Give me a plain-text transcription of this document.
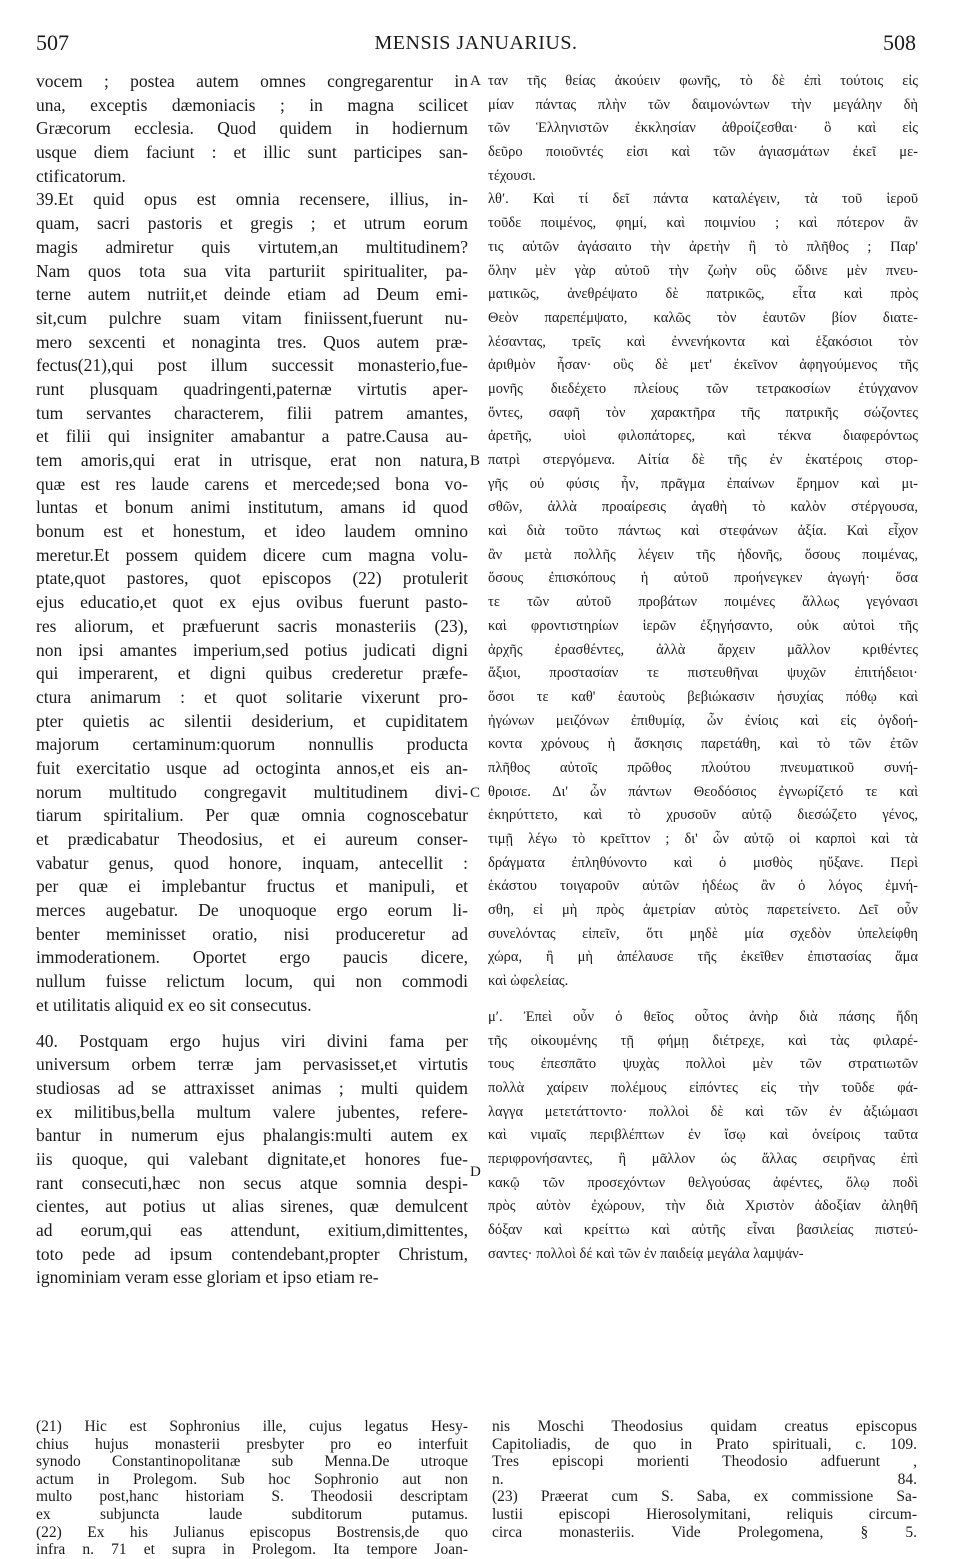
507	MENSIS JANUARIUS.	508
vocem ; postea autem omnes congregarentur in
una, exceptis dæmoniacis ; in magna scilicet
Græcorum ecclesia. Quod quidem in hodiernum
usque diem faciunt : et illic sunt participes san-
ctificatorum.
39.Et quid opus est omnia recensere, illius, in-
quam, sacri pastoris et gregis ; et utrum eorum
magis admiretur quis virtutem,an multitudinem?
Nam quos tota sua vita parturiit spiritualiter, pa-
terne autem nutriit,et deinde etiam ad Deum emi-
sit,cum pulchre suam vitam finiissent,fuerunt nu-
mero sexcenti et nonaginta tres. Quos autem præ-
fectus(21),qui post illum successit monasterio,fue-
runt plusquam quadringenti,paternæ virtutis aper-
tum servantes characterem, filii patrem amantes,
et filii qui insigniter amabantur a patre.Causa au-
tem amoris,qui erat in utrisque, erat non natura,
quæ est res laude carens et mercede;sed bona vo-
luntas et bonum animi institutum, amans id quod
bonum est et honestum, et ideo laudem omnino
meretur.Et possem quidem dicere cum magna volu-
ptate,quot pastores, quot episcopos (22) protulerit
ejus educatio,et quot ex ejus ovibus fuerunt pasto-
res aliorum, et præfuerunt sacris monasteriis (23),
non ipsi amantes imperium,sed potius judicati digni
qui imperarent, et digni quibus crederetur præfe-
ctura animarum : et quot solitarie vixerunt pro-
pter quietis ac silentii desiderium, et cupiditatem
majorum certaminum:quorum nonnullis producta
fuit exercitatio usque ad octoginta annos,et eis an-
norum multitudo congregavit multitudinem divi-
tiarum spiritalium. Per quæ omnia cognoscebatur
et prædicabatur Theodosius, et ei aureum conser-
vabatur genus, quod honore, inquam, antecellit :
per quæ ei implebantur fructus et manipuli, et
merces augebatur. De unoquoque ergo eorum li-
benter meminisset oratio, nisi produceretur ad
immoderationem. Oportet ergo paucis dicere,
nullum fuisse relictum locum, qui non commodi
et utilitatis aliquid ex eo sit consecutus.
40. Postquam ergo hujus viri divini fama per
universum orbem terræ jam pervasisset,et virtutis
studiosas ad se attraxisset animas ; multi quidem
ex militibus,bella multum valere jubentes, refere-
bantur in numerum ejus phalangis:multi autem ex
iis quoque, qui valebant dignitate,et honores fue-
rant consecuti,hæc non secus atque somnia despi-
cientes, aut potius ut alias sirenes, quæ demulcent
ad eorum,qui eas attendunt, exitium,dimittentes,
toto pede ad ipsum contendebant,propter Christum,
ignominiam veram esse gloriam et ipso etiam re-
ταν τῆς θείας ἀκούειν φωνῆς, τὸ δὲ ἐπὶ τούτοις εἰς
μίαν πάντας πλὴν τῶν δαιμονώντων τὴν μεγάλην δὴ
τῶν Ἑλληνιστῶν ἐκκλησίαν ἀθροίζεσθαι· ὃ καὶ εἰς
δεῦρο ποιοῦντές εἰσι καὶ τῶν ἁγιασμάτων ἐκεῖ με-
τέχουσι.
λθʹ. Καὶ τί δεῖ πάντα καταλέγειν, τὰ τοῦ ἱεροῦ
τοῦδε ποιμένος, φημί, καὶ ποιμνίου ; καὶ πότερον ἂν
τις αὐτῶν ἀγάσαιτο τὴν ἀρετὴν ἢ τὸ πλῆθος ; Παρ'
ὅλην μὲν γὰρ αὐτοῦ τὴν ζωὴν οὓς ὤδινε μὲν πνευ-
ματικῶς, ἀνεθρέψατο δὲ πατρικῶς, εἶτα καὶ πρὸς
Θεὸν παρεπέμψατο, καλῶς τὸν ἑαυτῶν βίον διατε-
λέσαντας, τρεῖς καὶ ἐννενήκοντα καὶ ἑξακόσιοι τὸν
ἀριθμὸν ἦσαν· οὓς δὲ μετ' ἐκεῖνον ἀφηγούμενος τῆς
μονῆς διεδέχετο πλείους τῶν τετρακοσίων ἐτύγχανον
ὄντες, σαφῆ τὸν χαρακτῆρα τῆς πατρικῆς σώζοντες
ἀρετῆς, υἱοὶ φιλοπάτορες, καὶ τέκνα διαφερόντως
πατρὶ στεργόμενα. Αἰτία δὲ τῆς ἐν ἑκατέροις στορ-
γῆς οὐ φύσις ἦν, πρᾶγμα ἐπαίνων ἔρημον καὶ μι-
σθῶν, ἀλλὰ προαίρεσις ἀγαθὴ τὸ καλὸν στέργουσα,
καὶ διὰ τοῦτο πάντως καὶ στεφάνων ἀξία. Καὶ εἶχον
ἂν μετὰ πολλῆς λέγειν τῆς ἡδονῆς, ὅσους ποιμένας,
ὅσους ἐπισκόπους ἡ αὐτοῦ προήνεγκεν ἀγωγή· ὅσα
τε τῶν αὐτοῦ προβάτων ποιμένες ἄλλως γεγόνασι
καὶ φροντιστηρίων ἱερῶν ἐξηγήσαντο, οὐκ αὐτοὶ τῆς
ἀρχῆς ἐρασθέντες, ἀλλὰ ἄρχειν μᾶλλον κριθέντες
ἄξιοι, προστασίαν τε πιστευθῆναι ψυχῶν ἐπιτήδειοι·
ὅσοι τε καθ' ἑαυτοὺς βεβιώκασιν ἡσυχίας πόθῳ καὶ
ἠγώνων μειζόνων ἐπιθυμίᾳ, ὧν ἐνίοις καὶ εἰς ὀγδοή-
κοντα χρόνους ἡ ἄσκησις παρετάθη, καὶ τὸ τῶν ἐτῶν
πλῆθος αὐτοῖς πρῶθος πλούτου πνευματικοῦ συνή-
θροισε. Δι' ὧν πάντων Θεοδόσιος ἐγνωρίζετό τε καὶ
ἐκηρύττετο, καὶ τὸ χρυσοῦν αὐτῷ διεσώζετο γένος,
τιμῇ λέγω τὸ κρεῖττον ; δι' ὧν αὐτῷ οἱ καρποὶ καὶ τὰ
δράγματα ἐπληθύνοντο καὶ ὁ μισθὸς ηὔξανε. Περὶ
ἑκάστου τοιγαροῦν αὐτῶν ἡδέως ἂν ὁ λόγος ἐμνή-
σθη, εἰ μὴ πρὸς ἀμετρίαν αὐτὸς παρετείνετο. Δεῖ οὖν
συνελόντας εἰπεῖν, ὅτι μηδὲ μία σχεδὸν ὑπελείφθη
χώρα, ἢ μὴ ἀπέλαυσε τῆς ἐκεῖθεν ἐπιστασίας ἅμα
καὶ ὠφελείας.
μʹ. Ἐπεὶ οὖν ὁ θεῖος οὗτος ἀνὴρ διὰ πάσης ἤδη
τῆς οἰκουμένης τῇ φήμῃ διέτρεχε, καὶ τὰς φιλαρέ-
τους ἐπεσπᾶτο ψυχὰς πολλοὶ μὲν τῶν στρατιωτῶν
πολλὰ χαίρειν πολέμους εἰπόντες εἰς τὴν τοῦδε φά-
λαγγα μετετάττοντο· πολλοὶ δὲ καὶ τῶν ἐν ἀξιώμασι
καὶ νιμαῖς περιβλέπτων ἐν ἴσῳ καὶ ὀνείροις ταῦτα
περιφρονήσαντες, ἢ μᾶλλον ὡς ἄλλας σειρῆνας ἐπὶ
κακῷ τῶν προσεχόντων θελγούσας ἀφέντες, ὅλῳ ποδὶ
πρὸς αὐτὸν ἐχώρουν, τὴν διὰ Χριστὸν ἀδοξίαν ἀληθῆ
δόξαν καὶ κρείττω καὶ αὐτῆς εἶναι βασιλείας πιστεύ-
σαντες· πολλοὶ δέ καὶ τῶν ἐν παιδείᾳ μεγάλα λαμψάν-
A
B
C
D
(21) Hic est Sophronius ille, cujus legatus Hesy-
chius hujus monasterii presbyter pro eo interfuit
synodo Constantinopolitanæ sub Menna.De utroque
actum in Prolegom. Sub hoc Sophronio aut non
multo post,hanc historiam S. Theodosii descriptam
ex subjuncta laude subditorum putamus.
(22) Ex his Julianus episcopus Bostrensis,de quo
infra n. 71 et supra in Prolegom. Ita tempore Joan-
nis Moschi Theodosius quidam creatus episcopus
Capitoliadis, de quo in Prato spirituali, c. 109.
Tres episcopi morienti Theodosio adfuerunt ,
n. 84.
(23) Præerat cum S. Saba, ex commissione Sa-
lustii episcopi Hierosolymitani, reliquis circum-
circa monasteriis. Vide Prolegomena, § 5.
